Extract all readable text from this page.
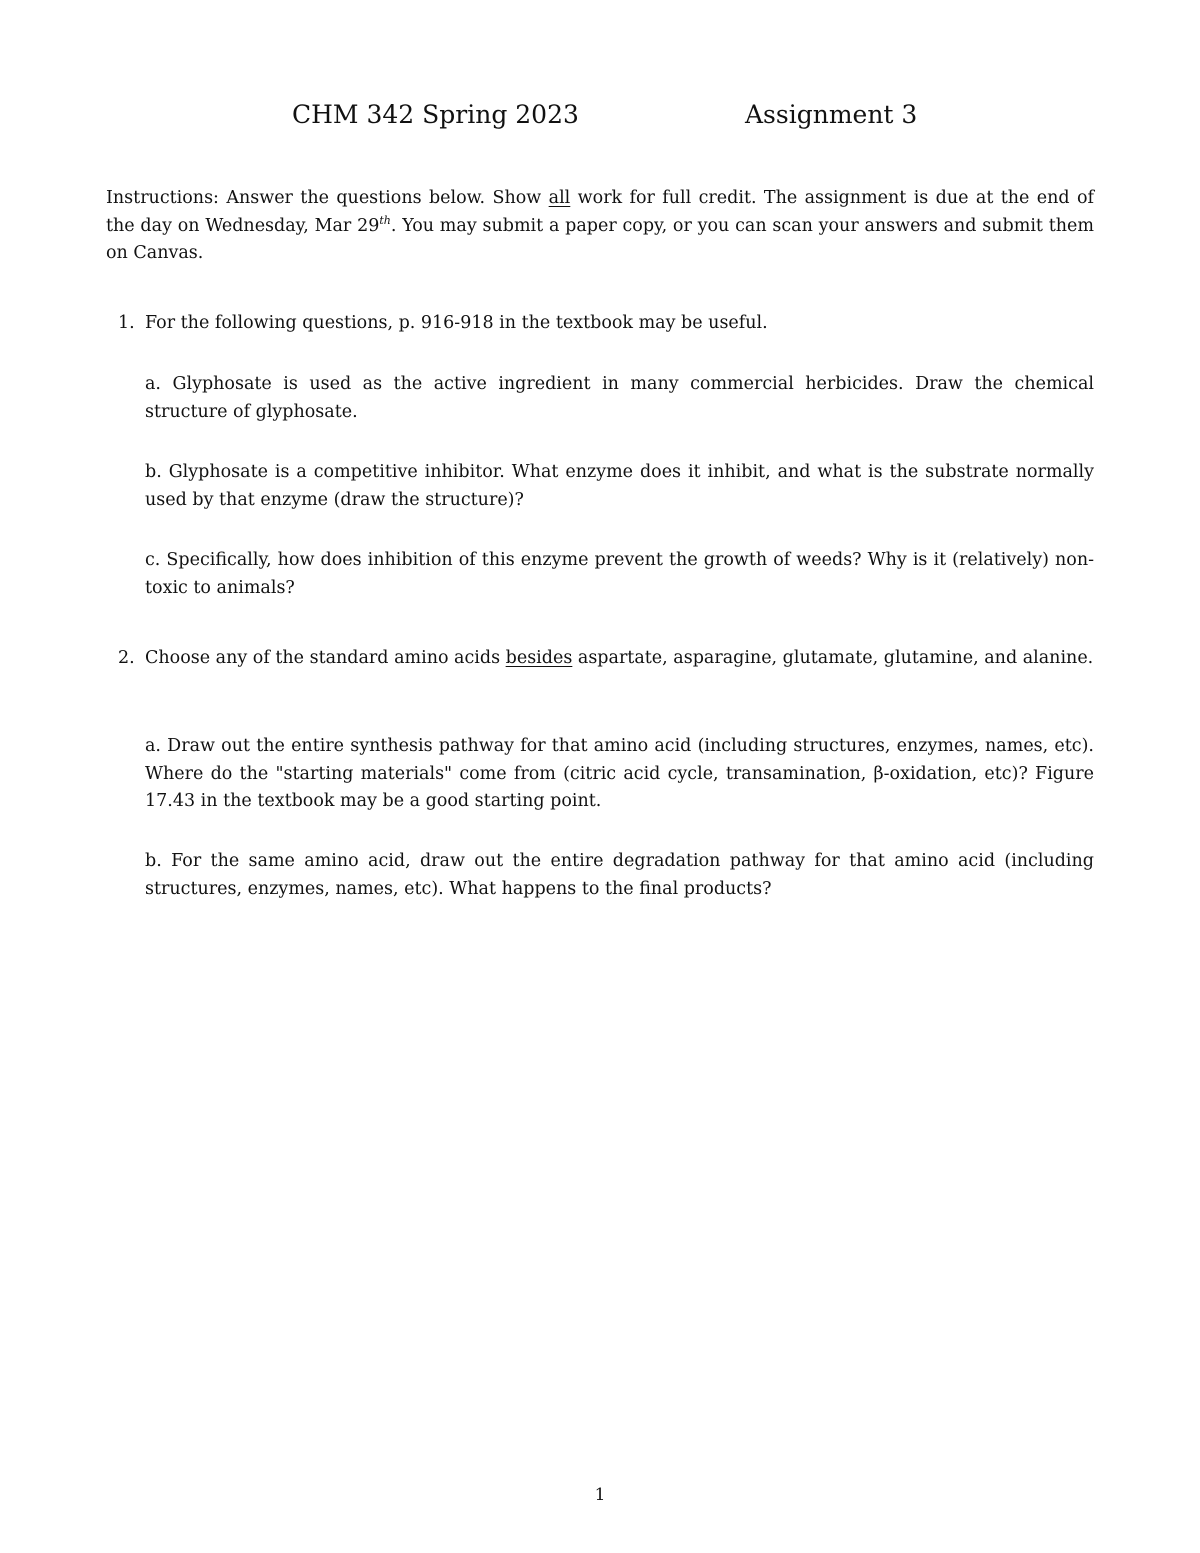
CHM 342 Spring 2023	Assignment 3

Instructions: Answer the questions below. Show all work for full credit. The assignment is due at the end of the day on Wednesday, Mar 29th. You may submit a paper copy, or you can scan your answers and submit them on Canvas.

1. For the following questions, p. 916-918 in the textbook may be useful.
a. Glyphosate is used as the active ingredient in many commercial herbicides. Draw the chemical structure of glyphosate.
b. Glyphosate is a competitive inhibitor. What enzyme does it inhibit, and what is the substrate normally used by that enzyme (draw the structure)?
c. Specifically, how does inhibition of this enzyme prevent the growth of weeds? Why is it (relatively) non-toxic to animals?
2. Choose any of the standard amino acids besides aspartate, asparagine, glutamate, glutamine, and alanine.
a. Draw out the entire synthesis pathway for that amino acid (including structures, enzymes, names, etc). Where do the "starting materials" come from (citric acid cycle, transamination, β-oxidation, etc)? Figure 17.43 in the textbook may be a good starting point.
b. For the same amino acid, draw out the entire degradation pathway for that amino acid (including structures, enzymes, names, etc). What happens to the final products?
1
